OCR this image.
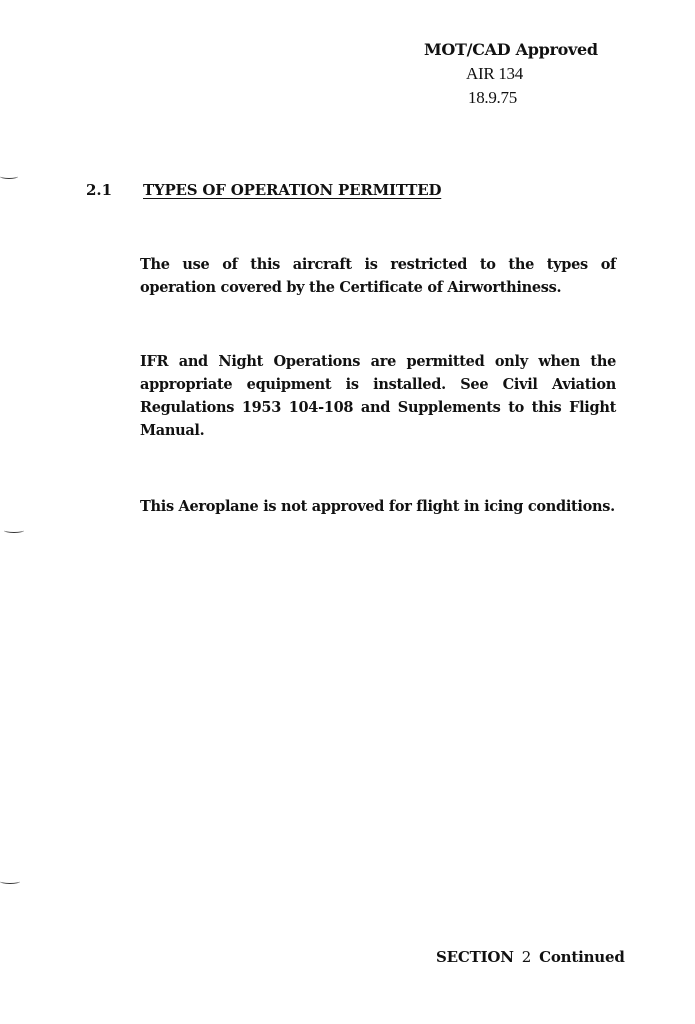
MOT/CAD Approved
AIR 134
18.9.75
2.1 TYPES OF OPERATION PERMITTED

The use of this aircraft is restricted to the types of operation covered by the Certificate of Airworthiness.

IFR and Night Operations are permitted only when the appropriate equipment is installed. See Civil Aviation Regulations 1953 104-108 and Supplements to this Flight Manual.

This Aeroplane is not approved for flight in icing conditions.

SECTION 2 Continued
